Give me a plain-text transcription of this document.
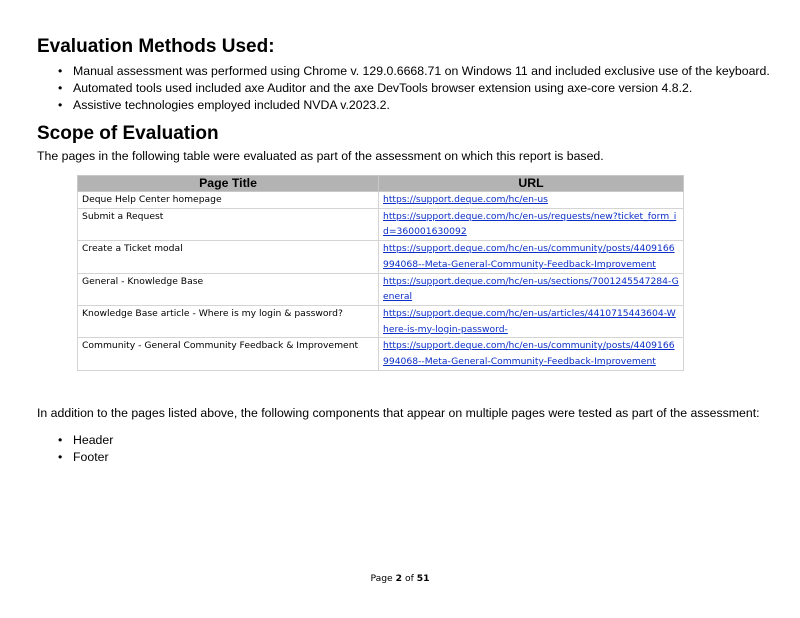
Evaluation Methods Used:
• Manual assessment was performed using Chrome v. 129.0.6668.71 on Windows 11 and included exclusive use of the keyboard.
• Automated tools used included axe Auditor and the axe DevTools browser extension using axe-core version 4.8.2.
• Assistive technologies employed included NVDA v.2023.2.
Scope of Evaluation

The pages in the following table were evaluated as part of the assessment on which this report is based.

Page Title	URL
Deque Help Center homepage	https://support.deque.com/hc/en-us
Submit a Request	https://support.deque.com/hc/en-us/requests/new?ticket_form_id=360001630092
Create a Ticket modal	https://support.deque.com/hc/en-us/community/posts/4409166994068--Meta-General-Community-Feedback-Improvement
General - Knowledge Base	https://support.deque.com/hc/en-us/sections/7001245547284-General
Knowledge Base article - Where is my login & password?	https://support.deque.com/hc/en-us/articles/4410715443604-Where-is-my-login-password-
Community - General Community Feedback & Improvement	https://support.deque.com/hc/en-us/community/posts/4409166994068--Meta-General-Community-Feedback-Improvement

In addition to the pages listed above, the following components that appear on multiple pages were tested as part of the assessment:

• Header
• Footer
Page 2 of 51
